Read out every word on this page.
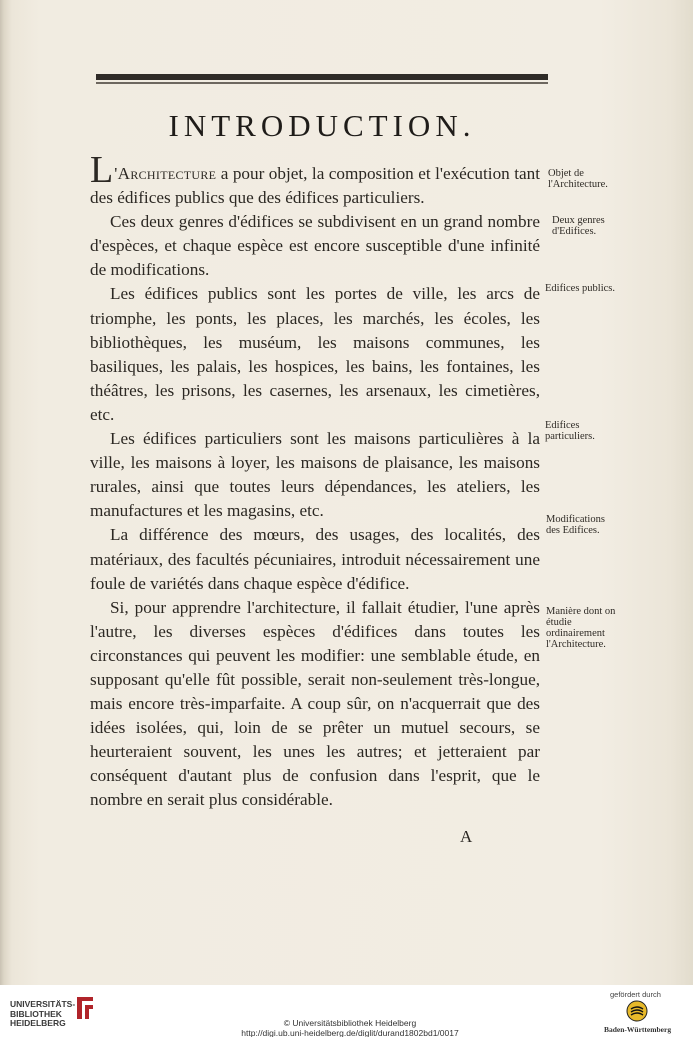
INTRODUCTION.

L'Architecture a pour objet, la composition et l'exécution tant des édifices publics que des édifices particuliers.

Ces deux genres d'édifices se subdivisent en un grand nombre d'espèces, et chaque espèce est encore susceptible d'une infinité de modifications.

Les édifices publics sont les portes de ville, les arcs de triomphe, les ponts, les places, les marchés, les écoles, les bibliothèques, les muséum, les maisons communes, les basiliques, les palais, les hospices, les bains, les fontaines, les théâtres, les prisons, les casernes, les arsenaux, les cimetières, etc.

Les édifices particuliers sont les maisons particulières à la ville, les maisons à loyer, les maisons de plaisance, les maisons rurales, ainsi que toutes leurs dépendances, les ateliers, les manufactures et les magasins, etc.

La différence des mœurs, des usages, des localités, des matériaux, des facultés pécuniaires, introduit nécessairement une foule de variétés dans chaque espèce d'édifice.

Si, pour apprendre l'architecture, il fallait étudier, l'une après l'autre, les diverses espèces d'édifices dans toutes les circonstances qui peuvent les modifier: une semblable étude, en supposant qu'elle fût possible, serait non-seulement très-longue, mais encore très-imparfaite. A coup sûr, on n'acquerrait que des idées isolées, qui, loin de se prêter un mutuel secours, se heurteraient souvent, les unes les autres; et jetteraient par conséquent d'autant plus de confusion dans l'esprit, que le nombre en serait plus considérable.

A
Objet de l'Architecture.
Deux genres d'Edifices.
Edifices publics.
Edifices particuliers.
Modifications des Edifices.
Manière dont on étudie ordinairement l'Architecture.
UNIVERSITÄTS-
BIBLIOTHEK
HEIDELBERG	© Universitätsbibliothek Heidelberg
http://digi.ub.uni-heidelberg.de/diglit/durand1802bd1/0017
gefördert durch
Baden-Württemberg
